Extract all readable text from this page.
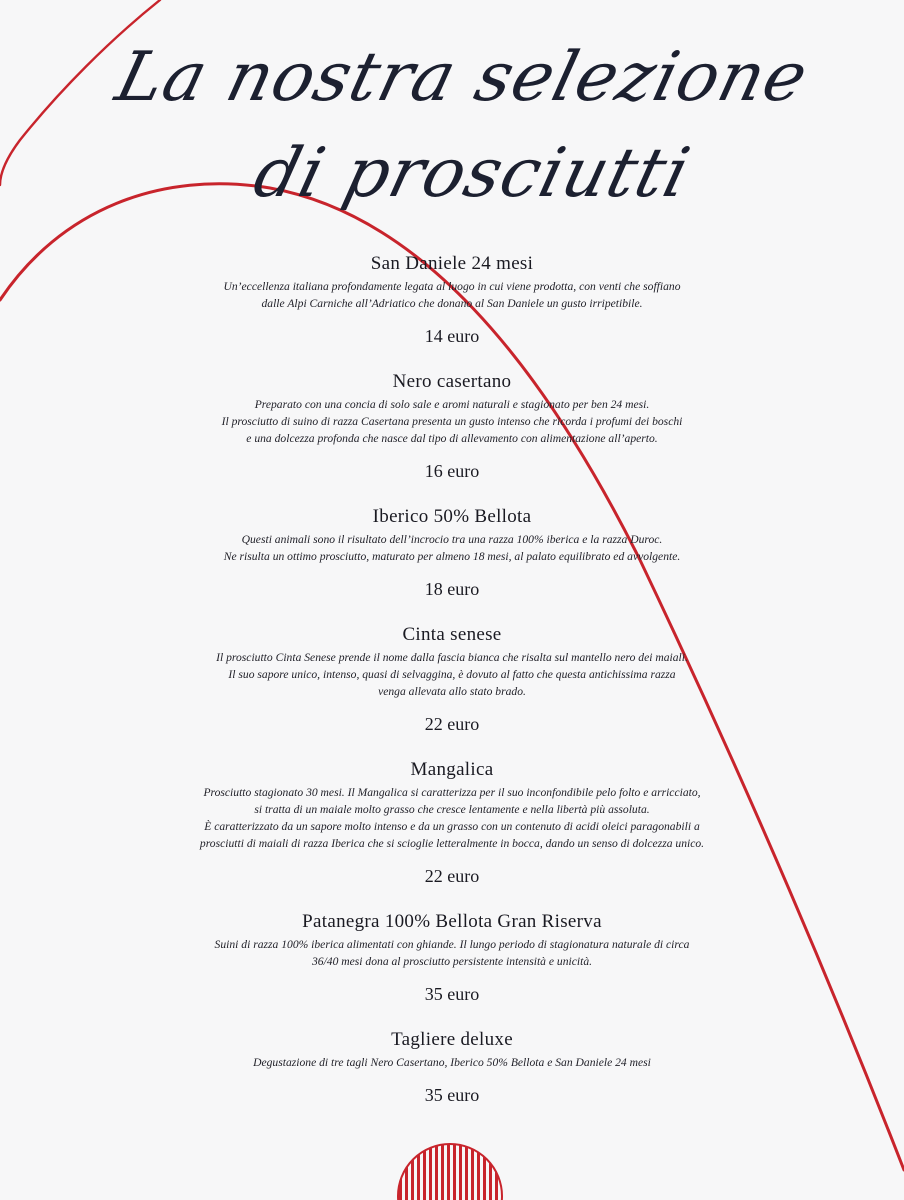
La nostra selezione
di prosciutti
San Daniele 24 mesi
Un’eccellenza italiana profondamente legata al luogo in cui viene prodotta, con venti che soffiano
dalle Alpi Carniche all’Adriatico che donano al San Daniele un gusto irripetibile.
14 euro
Nero casertano
Preparato con una concia di solo sale e aromi naturali e stagionato per ben 24 mesi.
Il prosciutto di suino di razza Casertana presenta un gusto intenso che ricorda i profumi dei boschi
e una dolcezza profonda che nasce dal tipo di allevamento con alimentazione all’aperto.
16 euro
Iberico 50% Bellota
Questi animali sono il risultato dell’incrocio tra una razza 100% iberica e la razza Duroc.
Ne risulta un ottimo prosciutto, maturato per almeno 18 mesi, al palato equilibrato ed avvolgente.
18 euro
Cinta senese
Il prosciutto Cinta Senese prende il nome dalla fascia bianca che risalta sul mantello nero dei maiali.
Il suo sapore unico, intenso, quasi di selvaggina, è dovuto al fatto che questa antichissima razza
venga allevata allo stato brado.
22 euro
Mangalica
Prosciutto stagionato 30 mesi. Il Mangalica si caratterizza per il suo inconfondibile pelo folto e arricciato,
si tratta di un maiale molto grasso che cresce lentamente e nella libertà più assoluta.
È caratterizzato da un sapore molto intenso e da un grasso con un contenuto di acidi oleici paragonabili a
prosciutti di maiali di razza Iberica che si scioglie letteralmente in bocca, dando un senso di dolcezza unico.
22 euro
Patanegra 100% Bellota Gran Riserva
Suini di razza 100% iberica alimentati con ghiande. Il lungo periodo di stagionatura naturale di circa
36/40 mesi dona al prosciutto persistente intensità e unicità.
35 euro
Tagliere deluxe
Degustazione di tre tagli Nero Casertano, Iberico 50% Bellota e San Daniele 24 mesi
35 euro
